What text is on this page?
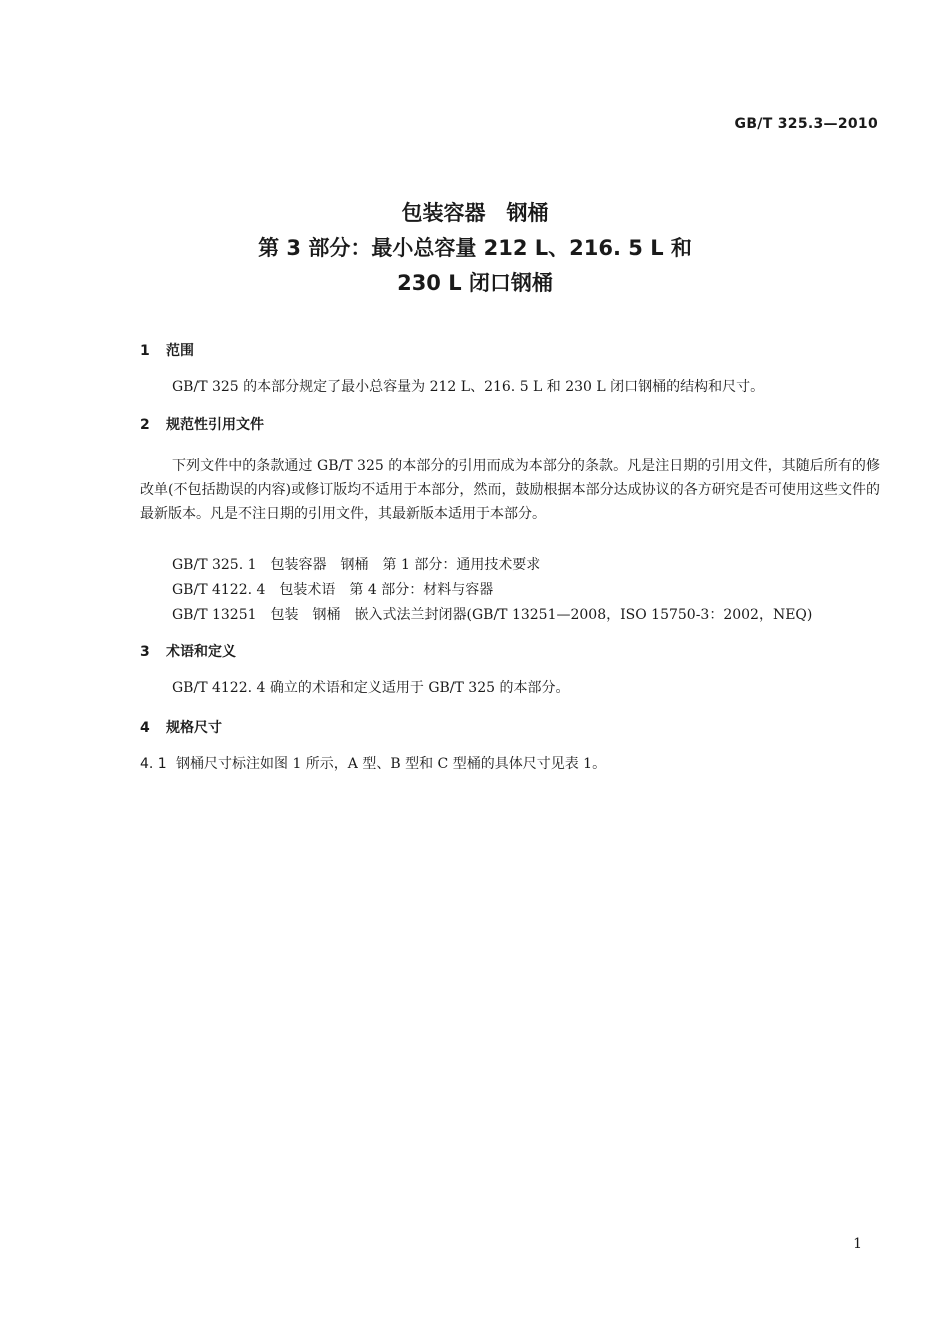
GB/T 325.3—2010
包装容器　钢桶
第 3 部分：最小总容量 212 L、216. 5 L 和
230 L 闭口钢桶
1 范围
GB/T 325 的本部分规定了最小总容量为 212 L、216. 5 L 和 230 L 闭口钢桶的结构和尺寸。
2 规范性引用文件
下列文件中的条款通过 GB/T 325 的本部分的引用而成为本部分的条款。凡是注日期的引用文件，其随后所有的修改单(不包括勘误的内容)或修订版均不适用于本部分，然而，鼓励根据本部分达成协议的各方研究是否可使用这些文件的最新版本。凡是不注日期的引用文件，其最新版本适用于本部分。
GB/T 325. 1　包装容器　钢桶　第 1 部分：通用技术要求
GB/T 4122. 4　包装术语　第 4 部分：材料与容器
GB/T 13251　包装　钢桶　嵌入式法兰封闭器(GB/T 13251—2008，ISO 15750-3：2002，NEQ)
3 术语和定义
GB/T 4122. 4 确立的术语和定义适用于 GB/T 325 的本部分。
4 规格尺寸
4. 1 钢桶尺寸标注如图 1 所示，A 型、B 型和 C 型桶的具体尺寸见表 1。
1
